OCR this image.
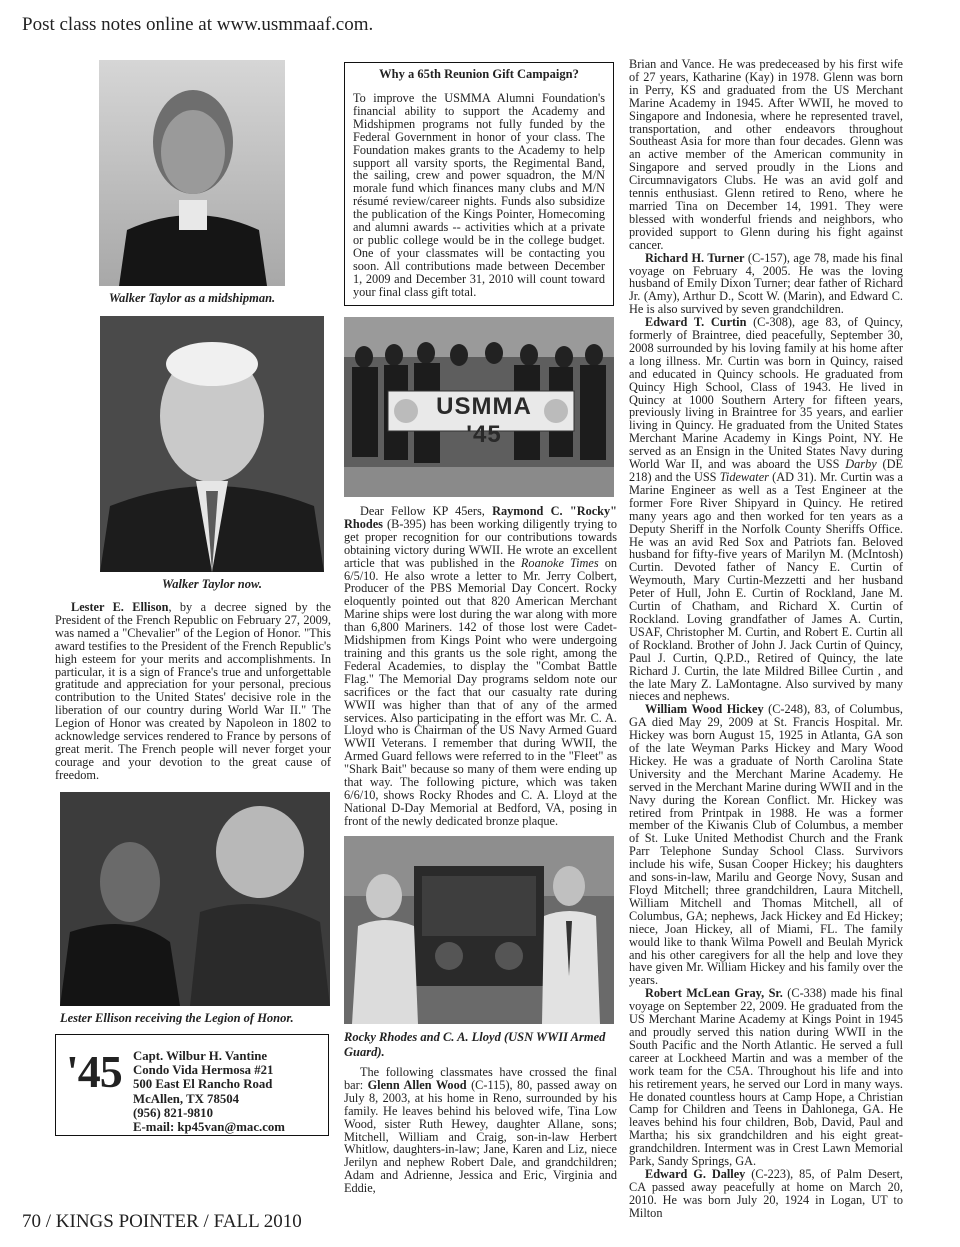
Post class notes online at www.usmmaaf.com.
Walker Taylor as a midshipman.
Walker Taylor now.

Lester E. Ellison, by a decree signed by the President of the French Republic on February 27, 2009, was named a "Chevalier" of the Legion of Honor. "This award testifies to the President of the French Republic's high esteem for your merits and accomplishments. In particular, it is a sign of France's true and unforgettable gratitude and appreciation for your personal, precious contribution to the United States' decisive role in the liberation of our country during World War II." The Legion of Honor was created by Napoleon in 1802 to acknowledge services rendered to France by persons of great merit. The French people will never forget your courage and your devotion to the great cause of freedom.

Lester Ellison receiving the Legion of Honor.
'45 Capt. Wilbur H. Vantine
Condo Vida Hermosa #21
500 East El Rancho Road
McAllen, TX 78504
(956) 821-9810
E-mail: kp45van@mac.com
Why a 65th Reunion Gift Campaign?

To improve the USMMA Alumni Foundation's financial ability to support the Academy and Midshipmen programs not fully funded by the Federal Government in honor of your class. The Foundation makes grants to the Academy to help support all varsity sports, the Regimental Band, the sailing, crew and power squadron, the M/N morale fund which finances many clubs and M/N résumé review/career nights. Funds also subsidize the publication of the Kings Pointer, Homecoming and alumni awards -- activities which at a private or public college would be in the college budget. One of your classmates will be contacting you soon. All contributions made between December 1, 2009 and December 31, 2010 will count toward your final class gift total.

USMMA '45

Dear Fellow KP 45ers, Raymond C. "Rocky" Rhodes (B-395) has been working diligently trying to get proper recognition for our contributions towards obtaining victory during WWII. He wrote an excellent article that was published in the Roanoke Times on 6/5/10. He also wrote a letter to Mr. Jerry Colbert, Producer of the PBS Memorial Day Concert. Rocky eloquently pointed out that 820 American Merchant Marine ships were lost during the war along with more than 6,800 Mariners. 142 of those lost were Cadet-Midshipmen from Kings Point who were undergoing training and this grants us the sole right, among the Federal Academies, to display the "Combat Battle Flag." The Memorial Day programs seldom note our sacrifices or the fact that our casualty rate during WWII was higher than that of any of the armed services. Also participating in the effort was Mr. C. A. Lloyd who is Chairman of the US Navy Armed Guard WWII Veterans. I remember that during WWII, the Armed Guard fellows were referred to in the "Fleet" as "Shark Bait" because so many of them were ending up that way. The following picture, which was taken 6/6/10, shows Rocky Rhodes and C. A. Lloyd at the National D-Day Memorial at Bedford, VA, posing in front of the newly dedicated bronze plaque.

Rocky Rhodes and C. A. Lloyd (USN WWII Armed Guard).

The following classmates have crossed the final bar: Glenn Allen Wood (C-115), 80, passed away on July 8, 2003, at his home in Reno, surrounded by his family. He leaves behind his beloved wife, Tina Low Wood, sister Ruth Hewey, daughter Allane, sons; Mitchell, William and Craig, son-in-law Herbert Whitlow, daughters-in-law; Jane, Karen and Liz, niece Jerilyn and nephew Robert Dale, and grandchildren; Adam and Adrienne, Jessica and Eric, Virginia and Eddie,

Brian and Vance. He was predeceased by his first wife of 27 years, Katharine (Kay) in 1978. Glenn was born in Perry, KS and graduated from the US Merchant Marine Academy in 1945. After WWII, he moved to Singapore and Indonesia, where he represented travel, transportation, and other endeavors throughout Southeast Asia for more than four decades. Glenn was an active member of the American community in Singapore and served proudly in the Lions and Circumnavigators Clubs. He was an avid golf and tennis enthusiast. Glenn retired to Reno, where he married Tina on December 14, 1991. They were blessed with wonderful friends and neighbors, who provided support to Glenn during his fight against cancer.

Richard H. Turner (C-157), age 78, made his final voyage on February 4, 2005. He was the loving husband of Emily Dixon Turner; dear father of Richard Jr. (Amy), Arthur D., Scott W. (Marin), and Edward C. He is also survived by seven grandchildren.

Edward T. Curtin (C-308), age 83, of Quincy, formerly of Braintree, died peacefully, September 30, 2008 surrounded by his loving family at his home after a long illness. Mr. Curtin was born in Quincy, raised and educated in Quincy schools. He graduated from Quincy High School, Class of 1943. He lived in Quincy at 1000 Southern Artery for fifteen years, previously living in Braintree for 35 years, and earlier living in Quincy. He graduated from the United States Merchant Marine Academy in Kings Point, NY. He served as an Ensign in the United States Navy during World War II, and was aboard the USS Darby (DE 218) and the USS Tidewater (AD 31). Mr. Curtin was a Marine Engineer as well as a Test Engineer at the former Fore River Shipyard in Quincy. He retired many years ago and then worked for ten years as a Deputy Sheriff in the Norfolk County Sheriffs Office. He was an avid Red Sox and Patriots fan. Beloved husband for fifty-five years of Marilyn M. (McIntosh) Curtin. Devoted father of Nancy E. Curtin of Weymouth, Mary Curtin-Mezzetti and her husband Peter of Hull, John E. Curtin of Rockland, Jane M. Curtin of Chatham, and Richard X. Curtin of Rockland. Loving grandfather of James A. Curtin, USAF, Christopher M. Curtin, and Robert E. Curtin all of Rockland. Brother of John J. Jack Curtin of Quincy, Paul J. Curtin, Q.P.D., Retired of Quincy, the late Richard J. Curtin, the late Mildred Billee Curtin , and the late Mary Z. LaMontagne. Also survived by many nieces and nephews.

William Wood Hickey (C-248), 83, of Columbus, GA died May 29, 2009 at St. Francis Hospital. Mr. Hickey was born August 15, 1925 in Atlanta, GA son of the late Weyman Parks Hickey and Mary Wood Hickey. He was a graduate of North Carolina State University and the Merchant Marine Academy. He served in the Merchant Marine during WWII and in the Navy during the Korean Conflict. Mr. Hickey was retired from Printpak in 1988. He was a former member of the Kiwanis Club of Columbus, a member of St. Luke United Methodist Church and the Frank Parr Telephone Sunday School Class. Survivors include his wife, Susan Cooper Hickey; his daughters and sons-in-law, Marilu and George Novy, Susan and Floyd Mitchell; three grandchildren, Laura Mitchell, William Mitchell and Thomas Mitchell, all of Columbus, GA; nephews, Jack Hickey and Ed Hickey; niece, Joan Hickey, all of Miami, FL. The family would like to thank Wilma Powell and Beulah Myrick and his other caregivers for all the help and love they have given Mr. William Hickey and his family over the years.

Robert McLean Gray, Sr. (C-338) made his final voyage on September 22, 2009. He graduated from the US Merchant Marine Academy at Kings Point in 1945 and proudly served this nation during WWII in the South Pacific and the North Atlantic. He served a full career at Lockheed Martin and was a member of the work team for the C5A. Throughout his life and into his retirement years, he served our Lord in many ways. He donated countless hours at Camp Hope, a Christian Camp for Children and Teens in Dahlonega, GA. He leaves behind his four children, Bob, David, Paul and Martha; his six grandchildren and his eight great-grandchildren. Interment was in Crest Lawn Memorial Park, Sandy Springs, GA.

Edward G. Dalley (C-223), 85, of Palm Desert, CA passed away peacefully at home on March 20, 2010. He was born July 20, 1924 in Logan, UT to Milton

70 / KINGS POINTER / FALL 2010
